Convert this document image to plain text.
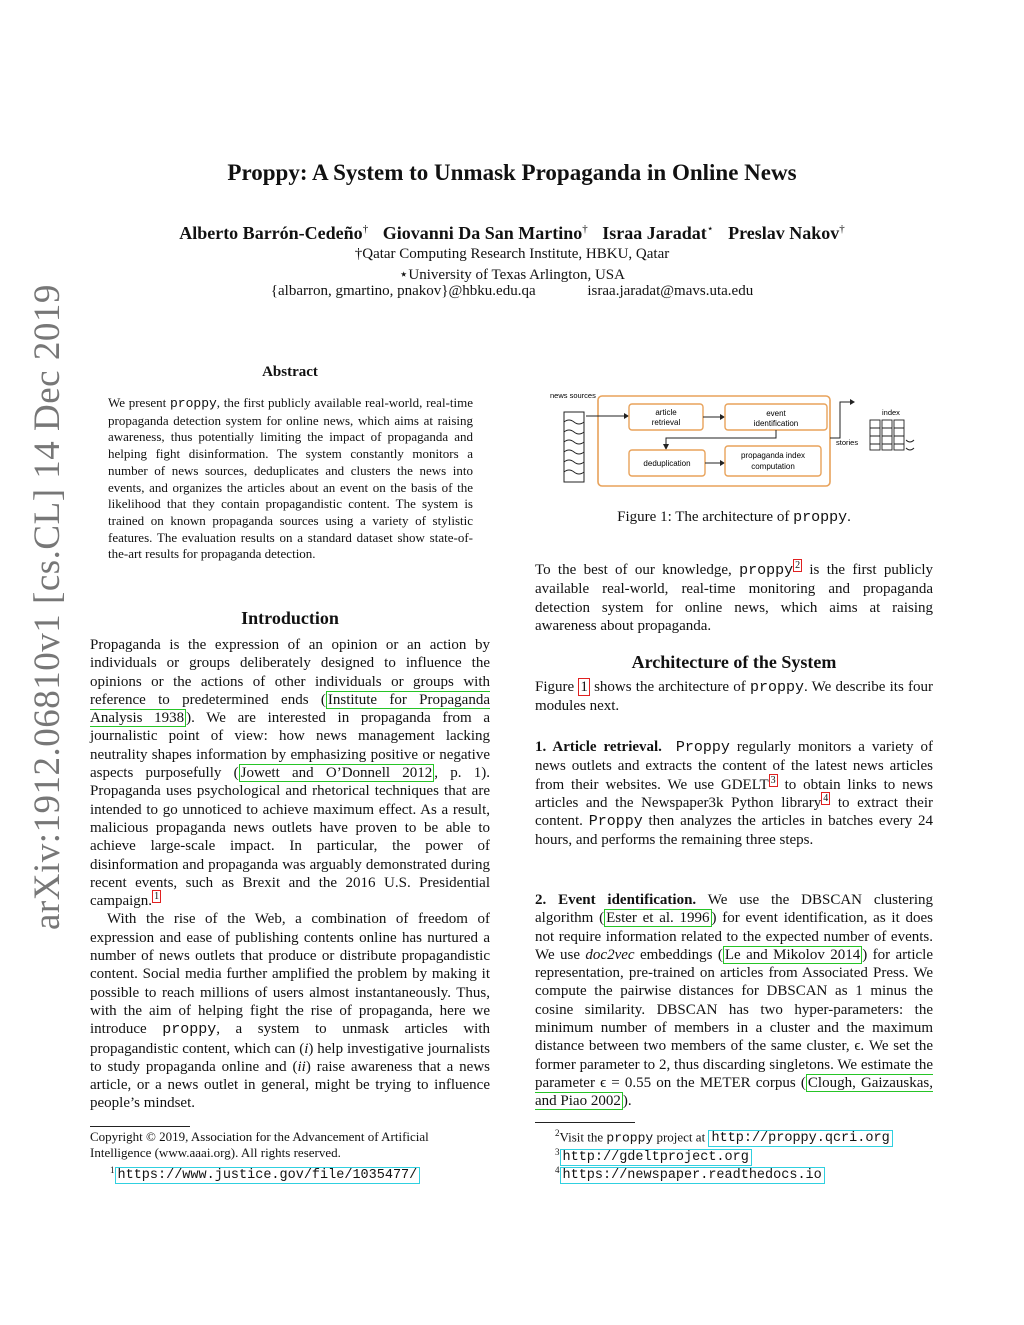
arXiv:1912.06810v1 [cs.CL] 14 Dec 2019
Proppy: A System to Unmask Propaganda in Online News
Alberto Barrón-Cedeño† Giovanni Da San Martino† Israa Jaradat⋆ Preslav Nakov†
†Qatar Computing Research Institute, HBKU, Qatar
⋆University of Texas Arlington, USA
{albarron, gmartino, pnakov}@hbku.edu.qa	israa.jaradat@mavs.uta.edu
Abstract
We present proppy, the first publicly available real-world, real-time propaganda detection system for online news, which aims at raising awareness, thus potentially limiting the impact of propaganda and helping fight disinformation. The system constantly monitors a number of news sources, deduplicates and clusters the news into events, and organizes the articles about an event on the basis of the likelihood that they contain propagandistic content. The system is trained on known propaganda sources using a variety of stylistic features. The evaluation results on a standard dataset show state-of-the-art results for propaganda detection.
Introduction

Propaganda is the expression of an opinion or an action by individuals or groups deliberately designed to influence the opinions or the actions of other individuals or groups with reference to predetermined ends ( Institute for Propaganda Analysis 1938 ). We are interested in propaganda from a journalistic point of view: how news management lacking neutrality shapes information by emphasizing positive or negative aspects purposefully ( Jowett and O’Donnell 2012 , p. 1). Propaganda uses psychological and rhetorical techniques that are intended to go unnoticed to achieve maximum effect. As a result, malicious propaganda news outlets have proven to be able to achieve large-scale impact. In particular, the power of disinformation and propaganda was arguably demonstrated during recent events, such as Brexit and the 2016 U.S. Presidential campaign. $^1$

With the rise of the Web, a combination of freedom of expression and ease of publishing contents online has nurtured a number of news outlets that produce or distribute propagandistic content. Social media further amplified the problem by making it possible to reach millions of users almost instantaneously. Thus, with the aim of helping fight the rise of propaganda, here we introduce proppy, a system to unmask articles with propagandistic content, which can (i) help investigative journalists to study propaganda online and (ii) raise awareness that a news article, or a news outlet in general, might be trying to influence people’s mindset.

Copyright © 2019, Association for the Advancement of Artificial Intelligence (www.aaai.org). All rights reserved.
$^1$ https://www.justice.gov/file/1035477/
news sources
article
retrieval
event
identification
deduplication
propaganda index
computation
stories
index
Figure 1: The architecture of proppy.

To the best of our knowledge, proppy $^2$ is the first publicly available real-world, real-time monitoring and propaganda detection system for online news, which aims at raising awareness about propaganda.

Architecture of the System

Figure 1 shows the architecture of proppy. We describe its four modules next.

1. Article retrieval. Proppy regularly monitors a variety of news outlets and extracts the content of the latest news articles from their websites. We use GDELT $^3$ to obtain links to news articles and the Newspaper3k Python library $^4$ to extract their content. Proppy then analyzes the articles in batches every 24 hours, and performs the remaining three steps.

2. Event identification. We use the DBSCAN clustering algorithm ( Ester et al. 1996 ) for event identification, as it does not require information related to the expected number of events. We use doc2vec embeddings ( Le and Mikolov 2014 ) for article representation, pre-trained on articles from Associated Press. We compute the pairwise distances for DBSCAN as 1 minus the cosine similarity. DBSCAN has two hyper-parameters: the minimum number of members in a cluster and the maximum distance between two members of the same cluster, ϵ. We set the former parameter to 2, thus discarding singletons. We estimate the parameter ϵ = 0.55 on the METER corpus ( Clough, Gaizauskas, and Piao 2002 ).

$^2$Visit the proppy project at http://proppy.qcri.org
$^3$ http://gdeltproject.org
$^4$ https://newspaper.readthedocs.io
